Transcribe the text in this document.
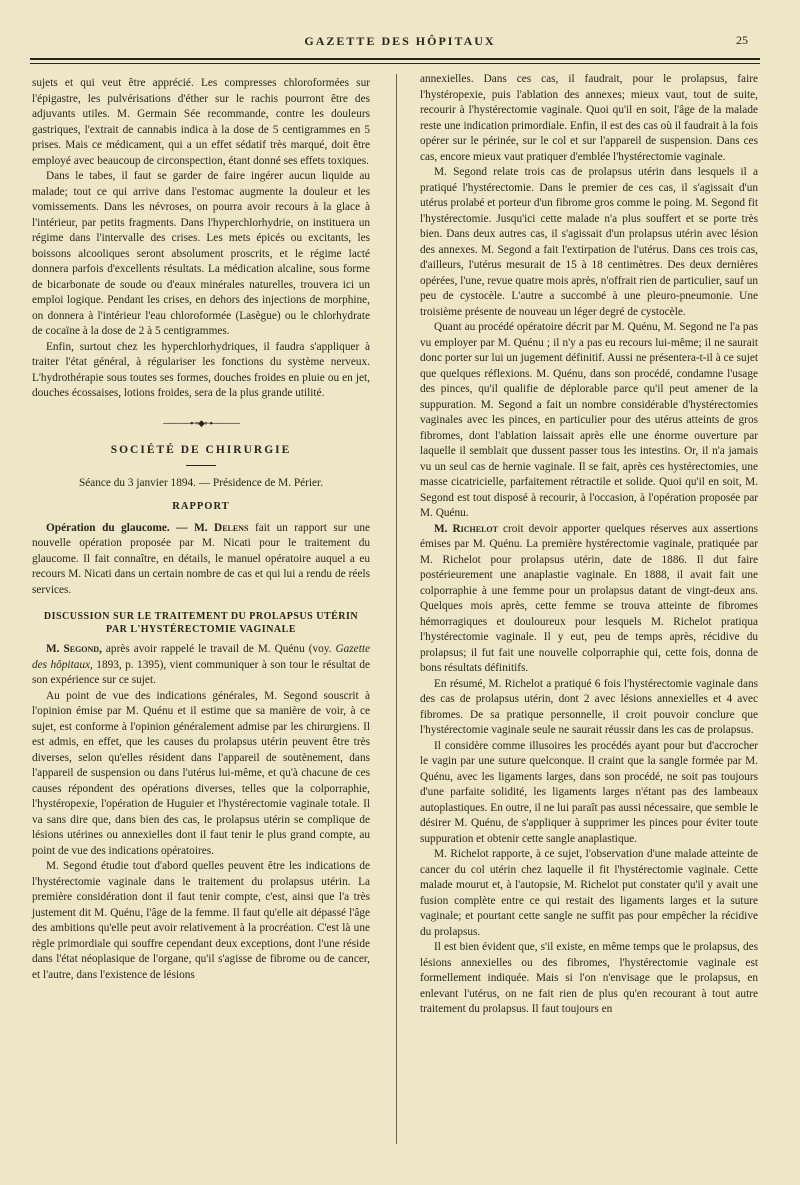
GAZETTE DES HÔPITAUX	25

sujets et qui veut être apprécié. Les compresses chloroformées sur l'épigastre, les pulvérisations d'éther sur le rachis pourront être des adjuvants utiles. M. Germain Sée recommande, contre les douleurs gastriques, l'extrait de cannabis indica à la dose de 5 centigrammes en 5 prises. Mais ce médicament, qui a un effet sédatif très marqué, doit être employé avec beaucoup de circonspection, étant donné ses effets toxiques.

Dans le tabes, il faut se garder de faire ingérer aucun liquide au malade; tout ce qui arrive dans l'estomac augmente la douleur et les vomissements. Dans les névroses, on pourra avoir recours à la glace à l'intérieur, par petits fragments. Dans l'hyperchlorhydrie, on instituera un régime dans l'intervalle des crises. Les mets épicés ou excitants, les boissons alcooliques seront absolument proscrits, et le régime lacté donnera parfois d'excellents résultats. La médication alcaline, sous forme de bicarbonate de soude ou d'eaux minérales naturelles, trouvera ici un emploi logique. Pendant les crises, en dehors des injections de morphine, on donnera à l'intérieur l'eau chloroformée (Lasègue) ou le chlorhydrate de cocaïne à la dose de 2 à 5 centigrammes.

Enfin, surtout chez les hyperchlorhydriques, il faudra s'appliquer à traiter l'état général, à régulariser les fonctions du système nerveux. L'hydrothérapie sous toutes ses formes, douches froides en pluie ou en jet, douches écossaises, lotions froides, sera de la plus grande utilité.

─────⊷◆⊶─────
SOCIÉTÉ DE CHIRURGIE
Séance du 3 janvier 1894. — Présidence de M. Périer.
RAPPORT

Opération du glaucome. — M. Delens fait un rapport sur une nouvelle opération proposée par M. Nicati pour le traitement du glaucome. Il fait connaître, en détails, le manuel opératoire auquel a eu recours M. Nicati dans un certain nombre de cas et qui lui a rendu de réels services.

DISCUSSION SUR LE TRAITEMENT DU PROLAPSUS UTÉRIN PAR L'HYSTÉRECTOMIE VAGINALE

M. Segond, après avoir rappelé le travail de M. Quénu (voy. Gazette des hôpitaux, 1893, p. 1395), vient communiquer à son tour le résultat de son expérience sur ce sujet.

Au point de vue des indications générales, M. Segond souscrit à l'opinion émise par M. Quénu et il estime que sa manière de voir, à ce sujet, est conforme à l'opinion généralement admise par les chirurgiens. Il est admis, en effet, que les causes du prolapsus utérin peuvent être très diverses, selon qu'elles résident dans l'appareil de soutènement, dans l'appareil de suspension ou dans l'utérus lui-même, et qu'à chacune de ces causes répondent des opérations diverses, telles que la colporraphie, l'hystéropexie, l'opération de Huguier et l'hystérectomie vaginale totale. Il va sans dire que, dans bien des cas, le prolapsus utérin se complique de lésions utérines ou annexielles dont il faut tenir le plus grand compte, au point de vue des indications opératoires.

M. Segond étudie tout d'abord quelles peuvent être les indications de l'hystérectomie vaginale dans le traitement du prolapsus utérin. La première considération dont il faut tenir compte, c'est, ainsi que l'a très justement dit M. Quénu, l'âge de la femme. Il faut qu'elle ait dépassé l'âge des ambitions qu'elle peut avoir relativement à la procréation. C'est là une règle primordiale qui souffre cependant deux exceptions, dont l'une réside dans l'état néoplasique de l'organe, qu'il s'agisse de fibrome ou de cancer, et l'autre, dans l'existence de lésions

annexielles. Dans ces cas, il faudrait, pour le prolapsus, faire l'hystéropexie, puis l'ablation des annexes; mieux vaut, tout de suite, recourir à l'hystérectomie vaginale. Quoi qu'il en soit, l'âge de la malade reste une indication primordiale. Enfin, il est des cas où il faudrait à la fois opérer sur le périnée, sur le col et sur l'appareil de suspension. Dans ces cas, encore mieux vaut pratiquer d'emblée l'hystérectomie vaginale.

M. Segond relate trois cas de prolapsus utérin dans lesquels il a pratiqué l'hystérectomie. Dans le premier de ces cas, il s'agissait d'un utérus prolabé et porteur d'un fibrome gros comme le poing. M. Segond fit l'hystérectomie. Jusqu'ici cette malade n'a plus souffert et se porte très bien. Dans deux autres cas, il s'agissait d'un prolapsus utérin avec lésion des annexes. M. Segond a fait l'extirpation de l'utérus. Dans ces trois cas, d'ailleurs, l'utérus mesurait de 15 à 18 centimètres. Des deux dernières opérées, l'une, revue quatre mois après, n'offrait rien de particulier, sauf un peu de cystocèle. L'autre a succombé à une pleuro-pneumonie. Une troisième présente de nouveau un léger degré de cystocèle.

Quant au procédé opératoire décrit par M. Quénu, M. Segond ne l'a pas vu employer par M. Quénu ; il n'y a pas eu recours lui-même; il ne saurait donc porter sur lui un jugement définitif. Aussi ne présentera-t-il à ce sujet que quelques réflexions. M. Quénu, dans son procédé, condamne l'usage des pinces, qu'il qualifie de déplorable parce qu'il peut amener de la suppuration. M. Segond a fait un nombre considérable d'hystérectomies vaginales avec les pinces, en particulier pour des utérus atteints de gros fibromes, dont l'ablation laissait après elle une énorme ouverture par laquelle il semblait que dussent passer tous les intestins. Or, il n'a jamais vu un seul cas de hernie vaginale. Il se fait, après ces hystérectomies, une masse cicatricielle, parfaitement rétractile et solide. Quoi qu'il en soit, M. Segond est tout disposé à recourir, à l'occasion, à l'opération proposée par M. Quénu.

M. Richelot croit devoir apporter quelques réserves aux assertions émises par M. Quénu. La première hystérectomie vaginale, pratiquée par M. Richelot pour prolapsus utérin, date de 1886. Il dut faire postérieurement une anaplastie vaginale. En 1888, il avait fait une colporraphie à une femme pour un prolapsus datant de vingt-deux ans. Quelques mois après, cette femme se trouva atteinte de fibromes hémorragiques et douloureux pour lesquels M. Richelot pratiqua l'hystérectomie vaginale. Il y eut, peu de temps après, récidive du prolapsus; il fut fait une nouvelle colporraphie qui, cette fois, donna de bons résultats définitifs.

En résumé, M. Richelot a pratiqué 6 fois l'hystérectomie vaginale dans des cas de prolapsus utérin, dont 2 avec lésions annexielles et 4 avec fibromes. De sa pratique personnelle, il croit pouvoir conclure que l'hystérectomie vaginale seule ne saurait réussir dans les cas de prolapsus.

Il considère comme illusoires les procédés ayant pour but d'accrocher le vagin par une suture quelconque. Il craint que la sangle formée par M. Quénu, avec les ligaments larges, dans son procédé, ne soit pas toujours d'une parfaite solidité, les ligaments larges n'étant pas des lambeaux autoplastiques. En outre, il ne lui paraît pas aussi nécessaire, que semble le désirer M. Quénu, de s'appliquer à supprimer les pinces pour éviter toute suppuration et obtenir cette sangle anaplastique.

M. Richelot rapporte, à ce sujet, l'observation d'une malade atteinte de cancer du col utérin chez laquelle il fit l'hystérectomie vaginale. Cette malade mourut et, à l'autopsie, M. Richelot put constater qu'il y avait une fusion complète entre ce qui restait des ligaments larges et la suture vaginale; et pourtant cette sangle ne suffit pas pour empêcher la récidive du prolapsus.

Il est bien évident que, s'il existe, en même temps que le prolapsus, des lésions annexielles ou des fibromes, l'hystérectomie vaginale est formellement indiquée. Mais si l'on n'envisage que le prolapsus, en enlevant l'utérus, on ne fait rien de plus qu'en recourant à tout autre traitement du prolapsus. Il faut toujours en
